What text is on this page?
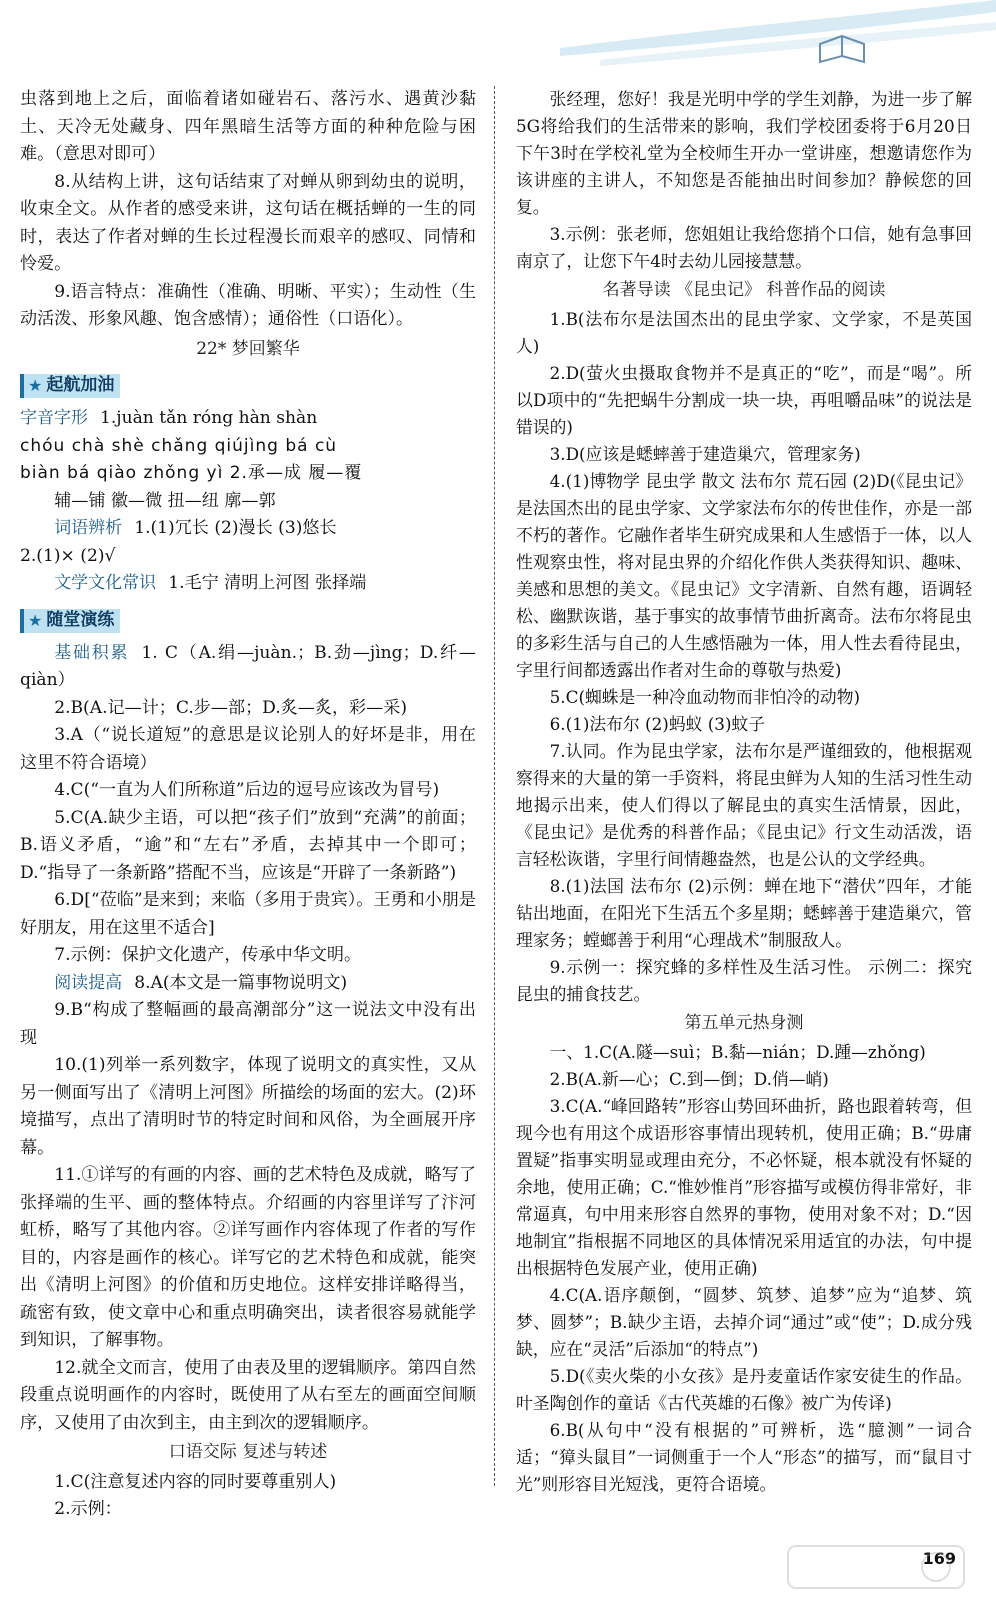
虫落到地上之后，面临着诸如碰岩石、落污水、遇黄沙黏土、天冷无处藏身、四年黑暗生活等方面的种种危险与困难。（意思对即可）

8.从结构上讲，这句话结束了对蝉从卵到幼虫的说明，收束全文。从作者的感受来讲，这句话在概括蝉的一生的同时，表达了作者对蝉的生长过程漫长而艰辛的感叹、同情和怜爱。

9.语言特点：准确性（准确、明晰、平实）；生动性（生动活泼、形象风趣、饱含感情）；通俗性（口语化）。

22* 梦回繁华

★ 起航加油

字音字形 1.juàn tǎn róng hàn shàn

chóu chà shè chǎng qiújìng bá cù

biàn bá qiào zhǒng yì 2.承—成 履—覆

辅—铺 徽—微 扭—纽 廓—郭

词语辨析 1.(1)冗长 (2)漫长 (3)悠长

2.(1)× (2)√

文学文化常识 1.毛宁 清明上河图 张择端

★ 随堂演练

基础积累 1. C（A.绢—juàn.；B.劲—jìng；D.纤—qiàn）

2.B(A.记—计；C.步—部；D.炙—炙，彩—采)

3.A（“说长道短”的意思是议论别人的好坏是非，用在这里不符合语境）

4.C(“一直为人们所称道”后边的逗号应该改为冒号)

5.C(A.缺少主语，可以把“孩子们”放到“充满”的前面；B.语义矛盾，“逾”和“左右”矛盾，去掉其中一个即可；D.“指导了一条新路”搭配不当，应该是“开辟了一条新路”)

6.D[“莅临”是来到；来临（多用于贵宾）。王勇和小朋是好朋友，用在这里不适合]

7.示例：保护文化遗产，传承中华文明。

阅读提高 8.A(本文是一篇事物说明文)

9.B“构成了整幅画的最高潮部分”这一说法文中没有出现

10.(1)列举一系列数字，体现了说明文的真实性，又从另一侧面写出了《清明上河图》所描绘的场面的宏大。(2)环境描写，点出了清明时节的特定时间和风俗，为全画展开序幕。

11.①详写的有画的内容、画的艺术特色及成就，略写了张择端的生平、画的整体特点。介绍画的内容里详写了汴河虹桥，略写了其他内容。②详写画作内容体现了作者的写作目的，内容是画作的核心。详写它的艺术特色和成就，能突出《清明上河图》的价值和历史地位。这样安排详略得当，疏密有致，使文章中心和重点明确突出，读者很容易就能学到知识，了解事物。

12.就全文而言，使用了由表及里的逻辑顺序。第四自然段重点说明画作的内容时，既使用了从右至左的画面空间顺序，又使用了由次到主，由主到次的逻辑顺序。

口语交际 复述与转述

1.C(注意复述内容的同时要尊重别人)

2.示例：

张经理，您好！我是光明中学的学生刘静，为进一步了解5G将给我们的生活带来的影响，我们学校团委将于6月20日下午3时在学校礼堂为全校师生开办一堂讲座，想邀请您作为该讲座的主讲人，不知您是否能抽出时间参加？静候您的回复。

3.示例：张老师，您姐姐让我给您捎个口信，她有急事回南京了，让您下午4时去幼儿园接慧慧。

名著导读 《昆虫记》 科普作品的阅读

1.B(法布尔是法国杰出的昆虫学家、文学家，不是英国人)

2.D(萤火虫摄取食物并不是真正的“吃”，而是“喝”。所以D项中的“先把蜗牛分割成一块一块，再咀嚼品味”的说法是错误的)

3.D(应该是蟋蟀善于建造巢穴，管理家务)

4.(1)博物学 昆虫学 散文 法布尔 荒石园 (2)D(《昆虫记》是法国杰出的昆虫学家、文学家法布尔的传世佳作，亦是一部不朽的著作。它融作者毕生研究成果和人生感悟于一体，以人性观察虫性，将对昆虫界的介绍化作供人类获得知识、趣味、美感和思想的美文。《昆虫记》文字清新、自然有趣，语调轻松、幽默诙谐，基于事实的故事情节曲折离奇。法布尔将昆虫的多彩生活与自己的人生感悟融为一体，用人性去看待昆虫，字里行间都透露出作者对生命的尊敬与热爱)

5.C(蜘蛛是一种冷血动物而非怕冷的动物)

6.(1)法布尔 (2)蚂蚁 (3)蚊子

7.认同。作为昆虫学家，法布尔是严谨细致的，他根据观察得来的大量的第一手资料，将昆虫鲜为人知的生活习性生动地揭示出来，使人们得以了解昆虫的真实生活情景，因此，《昆虫记》是优秀的科普作品；《昆虫记》行文生动活泼，语言轻松诙谐，字里行间情趣盎然，也是公认的文学经典。

8.(1)法国 法布尔 (2)示例：蝉在地下“潜伏”四年，才能钻出地面，在阳光下生活五个多星期；蟋蟀善于建造巢穴，管理家务；螳螂善于利用“心理战术”制服敌人。

9.示例一：探究蜂的多样性及生活习性。 示例二：探究昆虫的捕食技艺。

第五单元热身测

一、1.C(A.隧—suì；B.黏—nián；D.踵—zhǒng)

2.B(A.新—心；C.到—倒；D.俏—峭)

3.C(A.“峰回路转”形容山势回环曲折，路也跟着转弯，但现今也有用这个成语形容事情出现转机，使用正确；B.“毋庸置疑”指事实明显或理由充分，不必怀疑，根本就没有怀疑的余地，使用正确；C.“惟妙惟肖”形容描写或模仿得非常好，非常逼真，句中用来形容自然界的事物，使用对象不对；D.“因地制宜”指根据不同地区的具体情况采用适宜的办法，句中提出根据特色发展产业，使用正确)

4.C(A.语序颠倒，“圆梦、筑梦、追梦”应为“追梦、筑梦、圆梦”；B.缺少主语，去掉介词“通过”或“使”；D.成分残缺，应在“灵活”后添加“的特点”)

5.D(《卖火柴的小女孩》是丹麦童话作家安徒生的作品。叶圣陶创作的童话《古代英雄的石像》被广为传译)

6.B(从句中“没有根据的”可辨析，选“臆测”一词合适；“獐头鼠目”一词侧重于一个人“形态”的描写，而“鼠目寸光”则形容目光短浅，更符合语境。

169
